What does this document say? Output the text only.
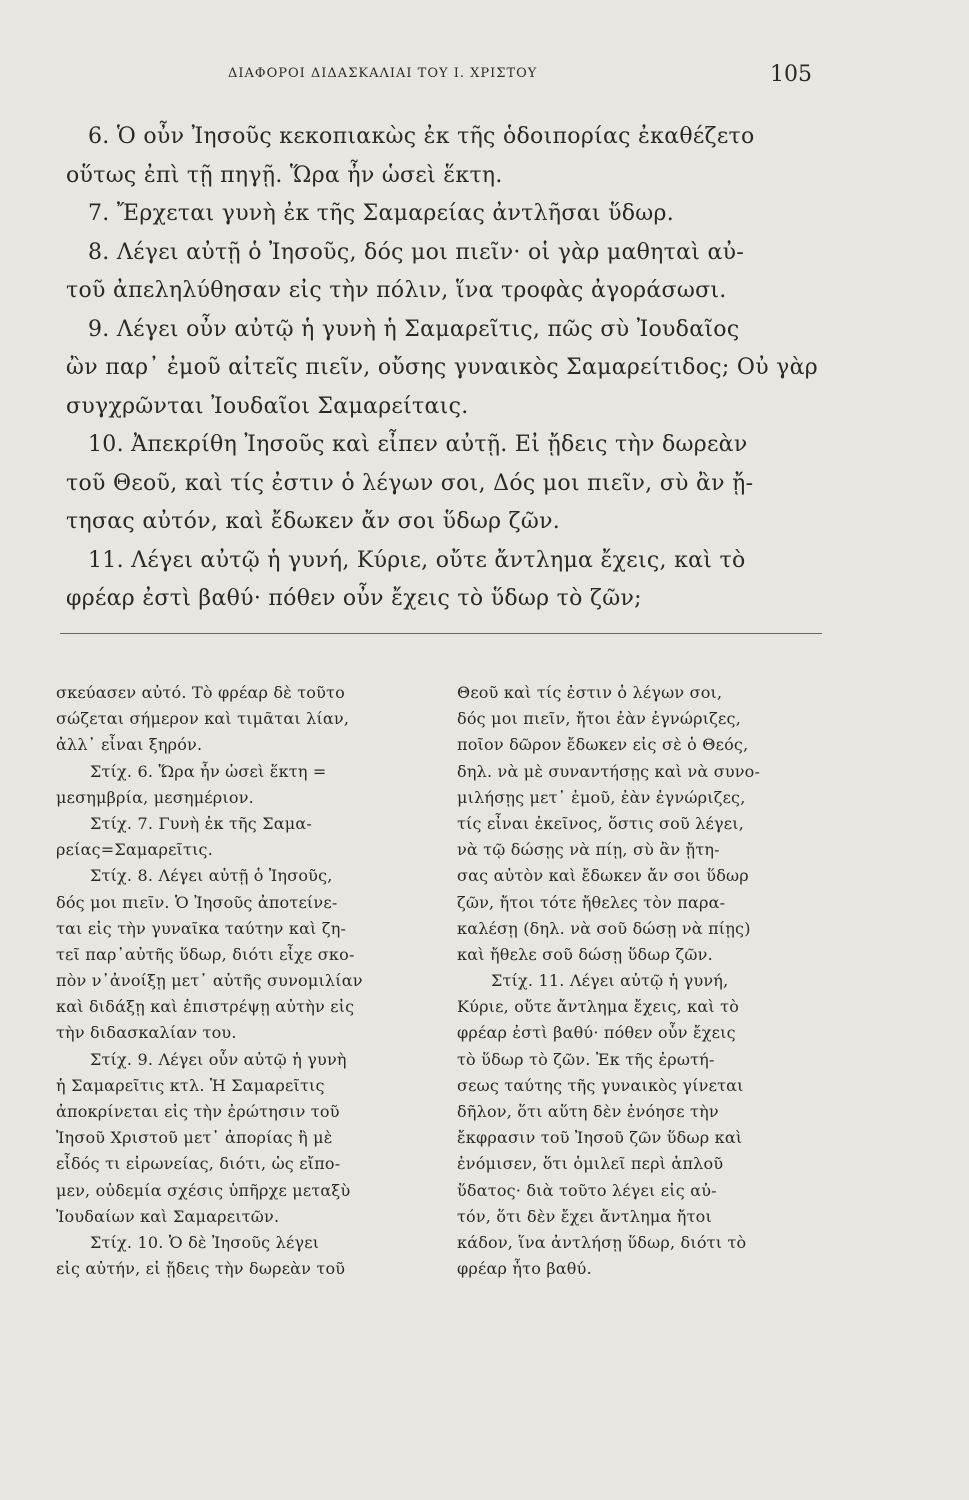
ΔΙΑΦΟΡΟΙ ΔΙΔΑΣΚΑΛΙΑΙ ΤΟΥ Ι. ΧΡΙΣΤΟΥ	105
6. Ὁ οὖν Ἰησοῦς κεκοπιακὼς ἐκ τῆς ὁδοιπορίας ἐκαθέζετο
οὕτως ἐπὶ τῇ πηγῇ. Ὥρα ἦν ὡσεὶ ἕκτη.
7. Ἔρχεται γυνὴ ἐκ τῆς Σαμαρείας ἀντλῆσαι ὕδωρ.
8. Λέγει αὐτῇ ὁ Ἰησοῦς, δός μοι πιεῖν· οἱ γὰρ μαθηταὶ αὐ-
τοῦ ἀπεληλύθησαν εἰς τὴν πόλιν, ἵνα τροφὰς ἀγοράσωσι.
9. Λέγει οὖν αὐτῷ ἡ γυνὴ ἡ Σαμαρεῖτις, πῶς σὺ Ἰουδαῖος
ὢν παρ᾽ ἐμοῦ αἰτεῖς πιεῖν, οὔσης γυναικὸς Σαμαρείτιδος; Οὐ γὰρ
συγχρῶνται Ἰουδαῖοι Σαμαρείταις.
10. Ἀπεκρίθη Ἰησοῦς καὶ εἶπεν αὐτῇ. Εἰ ᾔδεις τὴν δωρεὰν
τοῦ Θεοῦ, καὶ τίς ἐστιν ὁ λέγων σοι, Δός μοι πιεῖν, σὺ ἂν ᾔ-
τησας αὐτόν, καὶ ἔδωκεν ἄν σοι ὕδωρ ζῶν.
11. Λέγει αὐτῷ ἡ γυνή, Κύριε, οὔτε ἄντλημα ἔχεις, καὶ τὸ
φρέαρ ἐστὶ βαθύ· πόθεν οὖν ἔχεις τὸ ὕδωρ τὸ ζῶν;
σκεύασεν αὐτό. Τὸ φρέαρ δὲ τοῦτο
σώζεται σήμερον καὶ τιμᾶται λίαν,
ἀλλ᾽ εἶναι ξηρόν.
Στίχ. 6. Ὥρα ἦν ὡσεὶ ἕκτη =
μεσημβρία, μεσημέριον.
Στίχ. 7. Γυνὴ ἐκ τῆς Σαμα-
ρείας=Σαμαρεῖτις.
Στίχ. 8. Λέγει αὐτῇ ὁ Ἰησοῦς,
δός μοι πιεῖν. Ὁ Ἰησοῦς ἀποτείνε-
ται εἰς τὴν γυναῖκα ταύτην καὶ ζη-
τεῖ παρ᾽αὐτῆς ὕδωρ, διότι εἶχε σκο-
πὸν ν᾽ἀνοίξῃ μετ᾽ αὐτῆς συνομιλίαν
καὶ διδάξῃ καὶ ἐπιστρέψῃ αὐτὴν εἰς
τὴν διδασκαλίαν του.
Στίχ. 9. Λέγει οὖν αὐτῷ ἡ γυνὴ
ἡ Σαμαρεῖτις κτλ. Ἡ Σαμαρεῖτις
ἀποκρίνεται εἰς τὴν ἐρώτησιν τοῦ
Ἰησοῦ Χριστοῦ μετ᾽ ἀπορίας ἢ μὲ
εἶδός τι εἰρωνείας, διότι, ὡς εἴπο-
μεν, οὐδεμία σχέσις ὑπῆρχε μεταξὺ
Ἰουδαίων καὶ Σαμαρειτῶν.
Στίχ. 10. Ὁ δὲ Ἰησοῦς λέγει
εἰς αὐτήν, εἰ ᾔδεις τὴν δωρεὰν τοῦ
Θεοῦ καὶ τίς ἐστιν ὁ λέγων σοι,
δός μοι πιεῖν, ἤτοι ἐὰν ἐγνώριζες,
ποῖον δῶρον ἔδωκεν εἰς σὲ ὁ Θεός,
δηλ. νὰ μὲ συναντήσῃς καὶ νὰ συνο-
μιλήσῃς μετ᾽ ἐμοῦ, ἐὰν ἐγνώριζες,
τίς εἶναι ἐκεῖνος, ὅστις σοῦ λέγει,
νὰ τῷ δώσῃς νὰ πίῃ, σὺ ἂν ᾔτη-
σας αὐτὸν καὶ ἔδωκεν ἄν σοι ὕδωρ
ζῶν, ἤτοι τότε ἤθελες τὸν παρα-
καλέσῃ (δηλ. νὰ σοῦ δώσῃ νὰ πίῃς)
καὶ ἤθελε σοῦ δώσῃ ὕδωρ ζῶν.
Στίχ. 11. Λέγει αὐτῷ ἡ γυνή,
Κύριε, οὔτε ἄντλημα ἔχεις, καὶ τὸ
φρέαρ ἐστὶ βαθύ· πόθεν οὖν ἔχεις
τὸ ὕδωρ τὸ ζῶν. Ἐκ τῆς ἐρωτή-
σεως ταύτης τῆς γυναικὸς γίνεται
δῆλον, ὅτι αὕτη δὲν ἐνόησε τὴν
ἔκφρασιν τοῦ Ἰησοῦ ζῶν ὕδωρ καὶ
ἐνόμισεν, ὅτι ὁμιλεῖ περὶ ἁπλοῦ
ὕδατος· διὰ τοῦτο λέγει εἰς αὐ-
τόν, ὅτι δὲν ἔχει ἄντλημα ἤτοι
κάδον, ἵνα ἀντλήσῃ ὕδωρ, διότι τὸ
φρέαρ ἦτο βαθύ.
